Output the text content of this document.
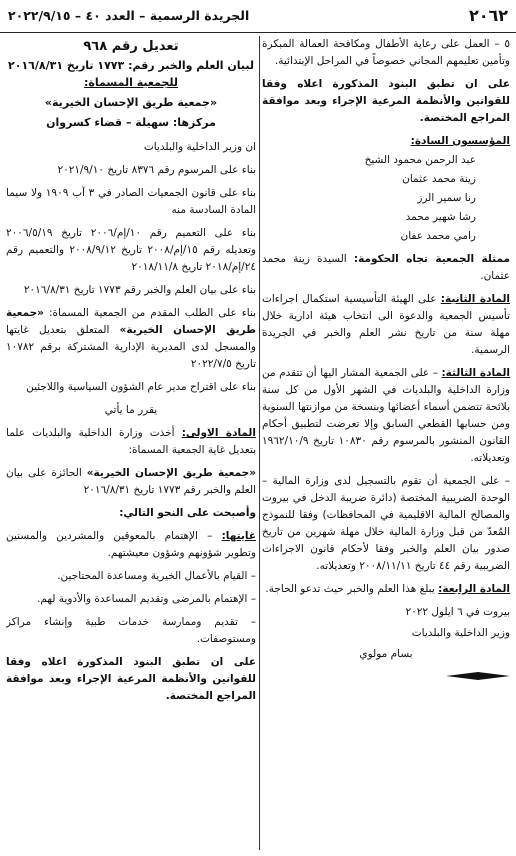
٢٠٦٢
الجريدة الرسمية – العدد ٤٠ – ٢٠٢٢/٩/١٥

٥ – العمل على رعاية الأطفال ومكافحة العمالة المبكرة وتأمين تعليمهم المجاني خصوصاً في المراحل الإبتدائية.

على ان تطبق البنود المذكورة اعلاه وفقا للقوانين والأنظمة المرعية الإجراء وبعد موافقة المراجع المختصة.

المؤسسون السادة:

عبد الرحمن محمود الشيخ

زينة محمد عثمان

رنا سمير الرز

رشا شهير محمد

رامي محمد عفان

ممثلة الجمعية تجاه الحكومة: السيدة زينة محمد عثمان.

المادة الثانية: على الهيئة التأسيسية استكمال اجراءات تأسيس الجمعية والدعوة الى انتخاب هيئة ادارية خلال مهلة سنة من تاريخ نشر العلم والخبر في الجريدة الرسمية.

المادة الثالثة: – على الجمعية المشار اليها أن تتقدم من وزارة الداخلية والبلديات في الشهر الأول من كل سنة بلائحة تتضمن أسماء أعضائها وبنسخة من موازنتها السنوية ومن حسابها القطعي السابق وإلا تعرضت لتطبيق أحكام القانون المنشور بالمرسوم رقم ١٠٨٣٠ تاريخ ١٩٦٢/١٠/٩ وتعديلاته.

– على الجمعية أن تقوم بالتسجيل لدى وزارة المالية – الوحدة الضريبية المختصة (دائرة ضريبة الدخل في بيروت والمصالح المالية الاقليمية في المحافظات) وفقا للنموذج المُعدّ من قبل وزارة المالية خلال مهلة شهرين من تاريخ صدور بيان العلم والخبر وفقا لأحكام قانون الاجراءات الضريبية رقم ٤٤ تاريخ ٢٠٠٨/١١/١١ وتعديلاته.

المادة الرابعة: يبلغ هذا العلم والخبر حيث تدعو الحاجة.

بيروت في ٦ ايلول ٢٠٢٢

وزير الداخلية والبلديات

بسام مولوي

تعديل رقم ٩٦٨

لبيان العلم والخبر رقم: ١٧٧٣ تاريخ ٢٠١٦/٨/٣١

للجمعية المسماة:

«جمعية طريق الإحسان الخيرية»

مركزها: سهيلة – قضاء كسروان

ان وزير الداخلية والبلديات

بناء على المرسوم رقم ٨٣٧٦ تاريخ ٢٠٢١/٩/١٠

بناء على قانون الجمعيات الصادر في ٣ آب ١٩٠٩ ولا سيما المادة السادسة منه

بناء على التعميم رقم ١٠/إم/٢٠٠٦ تاريخ ٢٠٠٦/٥/١٩ وتعديله رقم ١٥/إم/٢٠٠٨ تاريخ ٢٠٠٨/٩/١٢ والتعميم رقم ٢٤/إم/٢٠١٨ تاريخ ٢٠١٨/١١/٨

بناء على بيان العلم والخبر رقم ١٧٧٣ تاريخ ٢٠١٦/٨/٣١

بناء على الطلب المقدم من الجمعية المسماة: «جمعية طريق الإحسان الخيرية» المتعلق بتعديل غايتها والمسجل لدى المديرية الإدارية المشتركة برقم ١٠٧٨٢ تاريخ ٢٠٢٢/٧/٥

بناء على اقتراح مدير عام الشؤون السياسية واللاجئين

يقرر ما يأتي

المادة الاولى: أخذت وزارة الداخلية والبلديات علما بتعديل غاية الجمعية المسماة:

«جمعية طريق الإحسان الخيرية» الحائزة على بيان العلم والخبر رقم ١٧٧٣ تاريخ ٢٠١٦/٨/٣١

وأصبحت على النحو التالي:

غايتها: – الإهتمام بالمعوقين والمشردين والمسنين وتطوير شؤونهم وشؤون معيشتهم.

– القيام بالأعمال الخيرية ومساعدة المحتاجين.

– الإهتمام بالمرضى وتقديم المساعدة والأدوية لهم.

– تقديم وممارسة خدمات طبية وإنشاء مراكز ومستوصفات.

على ان تطبق البنود المذكورة اعلاه وفقا للقوانين والأنظمة المرعية الإجراء وبعد موافقة المراجع المختصة.
